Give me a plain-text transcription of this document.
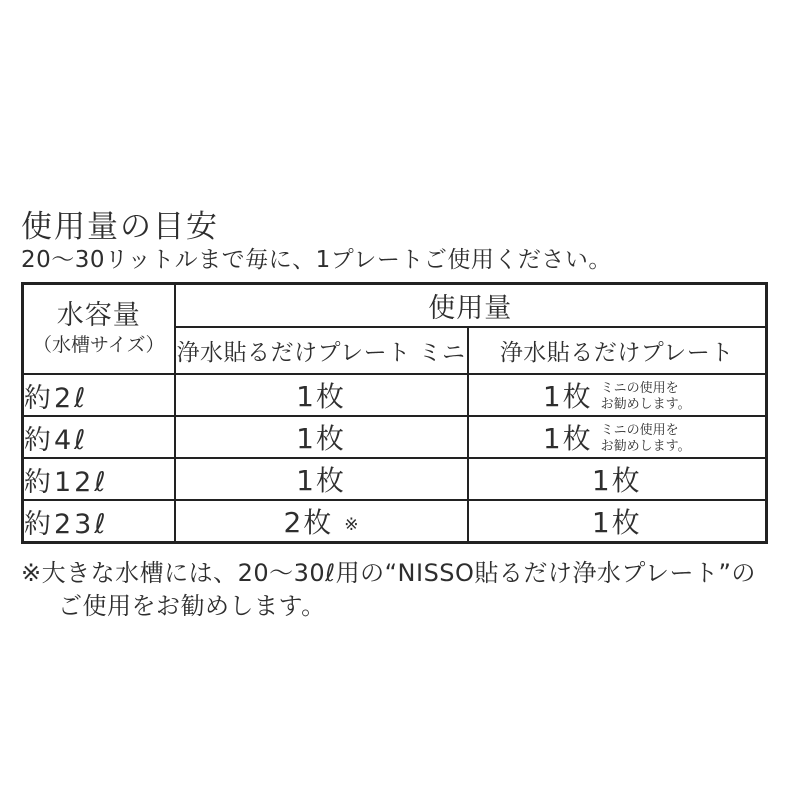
使用量の目安

20～30リットルまで毎に、1プレートご使用ください。

水容量
（水槽サイズ）	使用量	
	浄水貼るだけプレート ミニ	浄水貼るだけプレート
約2ℓ	1枚	1枚 ミニの使用を
お勧めします。

約4ℓ	1枚	1枚 ミニの使用を
お勧めします。

約12ℓ	1枚	1枚
約23ℓ	2枚 ※	1枚
※大きな水槽には、20～30ℓ用の“NISSO貼るだけ浄水プレート”の
ご使用をお勧めします。
